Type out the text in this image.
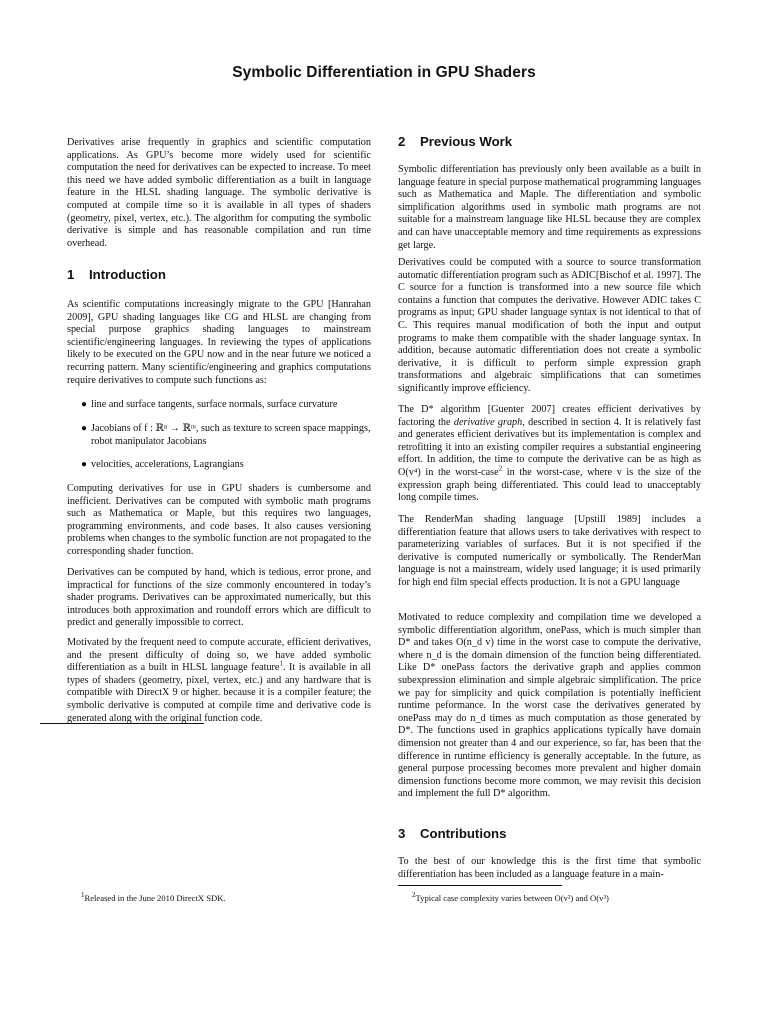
Symbolic Differentiation in GPU Shaders

Derivatives arise frequently in graphics and scientific computation applications. As GPU’s become more widely used for scientific computation the need for derivatives can be expected to increase. To meet this need we have added symbolic differentiation as a built in language feature in the HLSL shading language. The symbolic derivative is computed at compile time so it is available in all types of shaders (geometry, pixel, vertex, etc.). The algorithm for computing the symbolic derivative is simple and has reasonable compilation and run time overhead.

1 Introduction

As scientific computations increasingly migrate to the GPU [Hanrahan 2009], GPU shading languages like CG and HLSL are changing from special purpose graphics shading languages to mainstream scientific/engineering languages. In reviewing the types of applications likely to be executed on the GPU now and in the near future we noticed a recurring pattern. Many scientific/engineering and graphics computations require derivatives to compute such functions as:

● line and surface tangents, surface normals, surface curvature
● Jacobians of f : ℝⁿ → ℝᵐ, such as texture to screen space mappings, robot manipulator Jacobians
● velocities, accelerations, Lagrangians

Computing derivatives for use in GPU shaders is cumbersome and inefficient. Derivatives can be computed with symbolic math programs such as Mathematica or Maple, but this requires two languages, programming environments, and code bases. It also causes versioning problems when changes to the symbolic function are not propagated to the corresponding shader function.

Derivatives can be computed by hand, which is tedious, error prone, and impractical for functions of the size commonly encountered in today’s shader programs. Derivatives can be approximated numerically, but this introduces both approximation and roundoff errors which are difficult to predict and generally impossible to correct.

Motivated by the frequent need to compute accurate, efficient derivatives, and the present difficulty of doing so, we have added symbolic differentiation as a built in HLSL language feature$^1$. It is available in all types of shaders (geometry, pixel, vertex, etc.) and any hardware that is compatible with DirectX 9 or higher. because it is a compiler feature; the symbolic derivative is computed at compile time and derivative code is generated along with the original function code.

$^1$Released in the June 2010 DirectX SDK.
2 Previous Work

Symbolic differentiation has previously only been available as a built in language feature in special purpose mathematical programming languages such as Mathematica and Maple. The differentiation and symbolic simplification algorithms used in symbolic math programs are not suitable for a mainstream language like HLSL because they are complex and can have unacceptable memory and time requirements as expressions get large.

Derivatives could be computed with a source to source transformation automatic differentiation program such as ADIC[Bischof et al. 1997]. The C source for a function is transformed into a new source file which contains a function that computes the derivative. However ADIC takes C programs as input; GPU shader language syntax is not identical to that of C. This requires manual modification of both the input and output programs to make them compatible with the shader language syntax. In addition, because automatic differentiation does not create a symbolic derivative, it is difficult to perform simple expression graph transformations and algebraic simplifications that can sometimes significantly improve efficiency.

The D* algorithm [Guenter 2007] creates efficient derivatives by factoring the derivative graph, described in section 4. It is relatively fast and generates efficient derivatives but its implementation is complex and retrofitting it into an existing compiler requires a substantial engineering effort. In addition, the time to compute the derivative can be as high as O(v⁴) in the worst-case$^2$ in the worst-case, where v is the size of the expression graph being differentiated. This could lead to unacceptably long compile times.

The RenderMan shading language [Upstill 1989] includes a differentiation feature that allows users to take derivatives with respect to parameterizing variables of surfaces. But it is not specified if the derivative is computed numerically or symbolically. The RenderMan language is not a mainstream, widely used language; it is used primarily for high end film special effects production. It is not a GPU language

Motivated to reduce complexity and compilation time we developed a symbolic differentiation algorithm, onePass, which is much simpler than D* and takes O(n_d v) time in the worst case to compute the derivative, where n_d is the domain dimension of the function being differentiated. Like D* onePass factors the derivative graph and applies common subexpression elimination and simple algebraic simplification. The price we pay for simplicity and quick compilation is potentially inefficient runtime peformance. In the worst case the derivatives generated by onePass may do n_d times as much computation as those generated by D*. The functions used in graphics applications typically have domain dimension not greater than 4 and our experience, so far, has been that the difference in runtime efficiency is generally acceptable. In the future, as general purpose processing becomes more prevalent and higher domain dimension functions become more common, we may revisit this decision and implement the full D* algorithm.

3 Contributions

To the best of our knowledge this is the first time that symbolic differentiation has been included as a language feature in a main-

$^2$Typical case complexity varies between O(v²) and O(v³)
